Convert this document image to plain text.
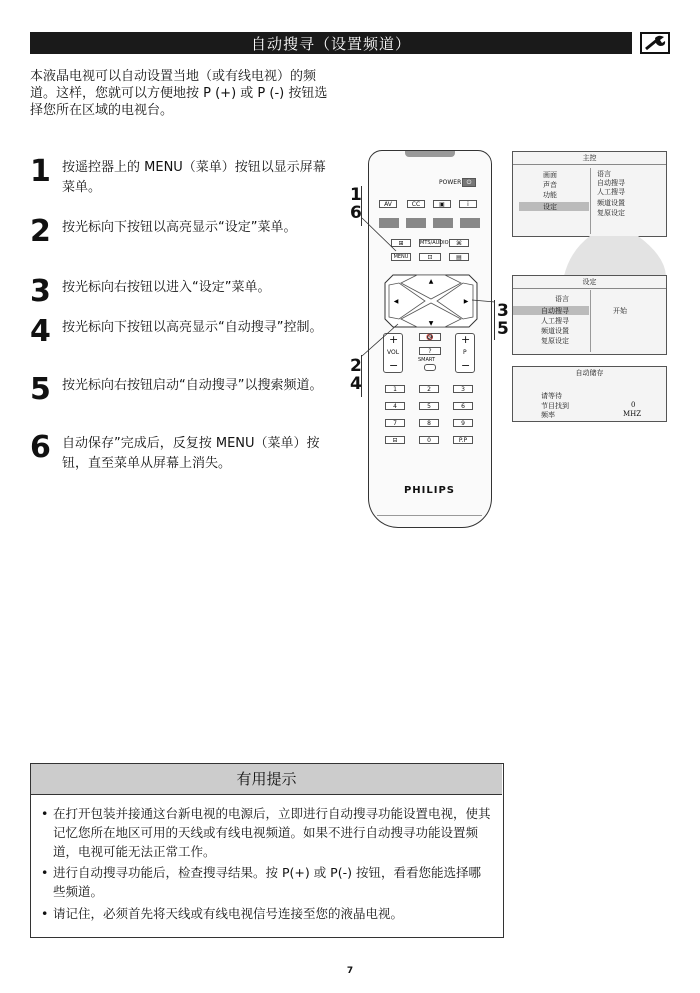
自动搜寻（设置频道）
本液晶电视可以自动设置当地（或有线电视）的频道。这样，您就可以方便地按 P (+) 或 P (-) 按钮选择您所在区域的电视台。
1 按遥控器上的 MENU（菜单）按钮以显示屏幕菜单。
2 按光标向下按钮以高亮显示“设定”菜单。
3 按光标向右按钮以进入“设定”菜单。
4 按光标向下按钮以高亮显示“自动搜寻”控制。
5 按光标向右按钮启动“自动搜寻”以搜索频道。
6 自动保存”完成后，反复按 MENU（菜单）按钮，直至菜单从屏幕上消失。
POWER ⏻
AV	CC	▣	i
⊞	MTS/AUDIO	⌘
MENU	⊡	▤
▲
▼
◀	▶
+
VOL
−
+
P
−
🔇
?
SMART
1	2	3
4	5	6
7	8	9
⊟	0	P.P
PHILIPS
1
6
2
4
3
5
主控
画面
声音
功能
设定
语言
自动搜寻
人工搜寻
频道设置
复原设定
设定
语言
自动搜寻
人工搜寻
频道设置
复原设定
开始
自动储存
请等待
节目找到	0
频率	MHZ
有用提示
• 在打开包装并接通这台新电视的电源后，立即进行自动搜寻功能设置电视，使其记忆您所在地区可用的天线或有线电视频道。如果不进行自动搜寻功能设置频道，电视可能无法正常工作。
• 进行自动搜寻功能后，检查搜寻结果。按 P(+) 或 P(-) 按钮，看看您能选择哪些频道。
• 请记住，必须首先将天线或有线电视信号连接至您的液晶电视。
7
